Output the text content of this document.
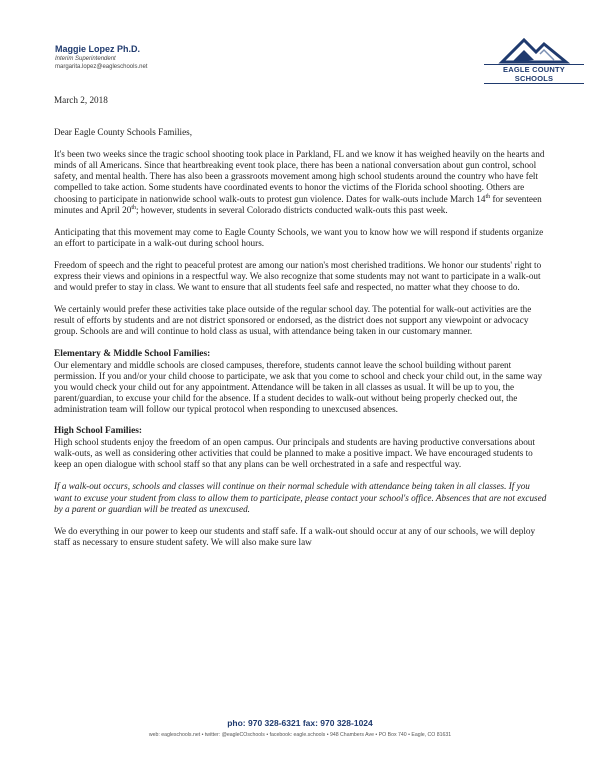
Maggie Lopez Ph.D.
Interim Superintendent
margarita.lopez@eagleschools.net	EAGLE COUNTY SCHOOLS
March 2, 2018
Dear Eagle County Schools Families,

It's been two weeks since the tragic school shooting took place in Parkland, FL and we know it has weighed heavily on the hearts and minds of all Americans. Since that heartbreaking event took place, there has been a national conversation about gun control, school safety, and mental health. There has also been a grassroots movement among high school students around the country who have felt compelled to take action. Some students have coordinated events to honor the victims of the Florida school shooting. Others are choosing to participate in nationwide school walk-outs to protest gun violence. Dates for walk-outs include March 14th for seventeen minutes and April 20th; however, students in several Colorado districts conducted walk-outs this past week.

Anticipating that this movement may come to Eagle County Schools, we want you to know how we will respond if students organize an effort to participate in a walk-out during school hours.

Freedom of speech and the right to peaceful protest are among our nation's most cherished traditions. We honor our students' right to express their views and opinions in a respectful way. We also recognize that some students may not want to participate in a walk-out and would prefer to stay in class. We want to ensure that all students feel safe and respected, no matter what they choose to do.

We certainly would prefer these activities take place outside of the regular school day. The potential for walk-out activities are the result of efforts by students and are not district sponsored or endorsed, as the district does not support any viewpoint or advocacy group. Schools are and will continue to hold class as usual, with attendance being taken in our customary manner.

Elementary & Middle School Families:

Our elementary and middle schools are closed campuses, therefore, students cannot leave the school building without parent permission. If you and/or your child choose to participate, we ask that you come to school and check your child out, in the same way you would check your child out for any appointment. Attendance will be taken in all classes as usual. It will be up to you, the parent/guardian, to excuse your child for the absence. If a student decides to walk-out without being properly checked out, the administration team will follow our typical protocol when responding to unexcused absences.

High School Families:

High school students enjoy the freedom of an open campus. Our principals and students are having productive conversations about walk-outs, as well as considering other activities that could be planned to make a positive impact. We have encouraged students to keep an open dialogue with school staff so that any plans can be well orchestrated in a safe and respectful way.

If a walk-out occurs, schools and classes will continue on their normal schedule with attendance being taken in all classes. If you want to excuse your student from class to allow them to participate, please contact your school's office. Absences that are not excused by a parent or guardian will be treated as unexcused.

We do everything in our power to keep our students and staff safe. If a walk-out should occur at any of our schools, we will deploy staff as necessary to ensure student safety. We will also make sure law

pho: 970 328-6321 fax: 970 328-1024
web: eagleschools.net • twitter: @eagleCOschools • facebook: eagle.schools • 948 Chambers Ave • PO Box 740 • Eagle, CO 81631
